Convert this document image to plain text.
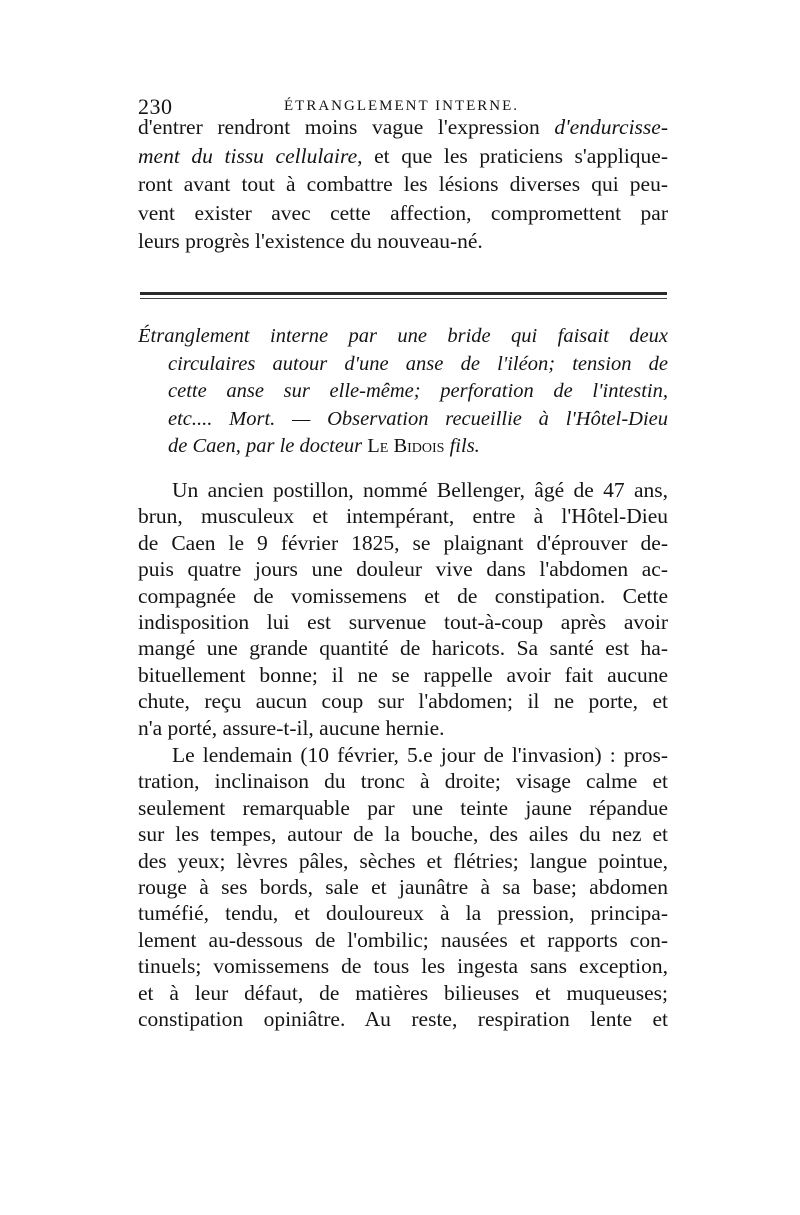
230	ÉTRANGLEMENT INTERNE.
d'entrer rendront moins vague l'expression d'endurcisse-
ment du tissu cellulaire, et que les praticiens s'applique-
ront avant tout à combattre les lésions diverses qui peu-
vent exister avec cette affection, compromettent par
leurs progrès l'existence du nouveau-né.
Étranglement interne par une bride qui faisait deux
circulaires autour d'une anse de l'iléon; tension de
cette anse sur elle-même; perforation de l'intestin,
etc.... Mort. — Observation recueillie à l'Hôtel-Dieu
de Caen, par le docteur Le Bidois fils.
Un ancien postillon, nommé Bellenger, âgé de 47 ans,
brun, musculeux et intempérant, entre à l'Hôtel-Dieu
de Caen le 9 février 1825, se plaignant d'éprouver de-
puis quatre jours une douleur vive dans l'abdomen ac-
compagnée de vomissemens et de constipation. Cette
indisposition lui est survenue tout-à-coup après avoir
mangé une grande quantité de haricots. Sa santé est ha-
bituellement bonne; il ne se rappelle avoir fait aucune
chute, reçu aucun coup sur l'abdomen; il ne porte, et
n'a porté, assure-t-il, aucune hernie.
Le lendemain (10 février, 5.e jour de l'invasion) : pros-
tration, inclinaison du tronc à droite; visage calme et
seulement remarquable par une teinte jaune répandue
sur les tempes, autour de la bouche, des ailes du nez et
des yeux; lèvres pâles, sèches et flétries; langue pointue,
rouge à ses bords, sale et jaunâtre à sa base; abdomen
tuméfié, tendu, et douloureux à la pression, principa-
lement au-dessous de l'ombilic; nausées et rapports con-
tinuels; vomissemens de tous les ingesta sans exception,
et à leur défaut, de matières bilieuses et muqueuses;
constipation opiniâtre. Au reste, respiration lente et
